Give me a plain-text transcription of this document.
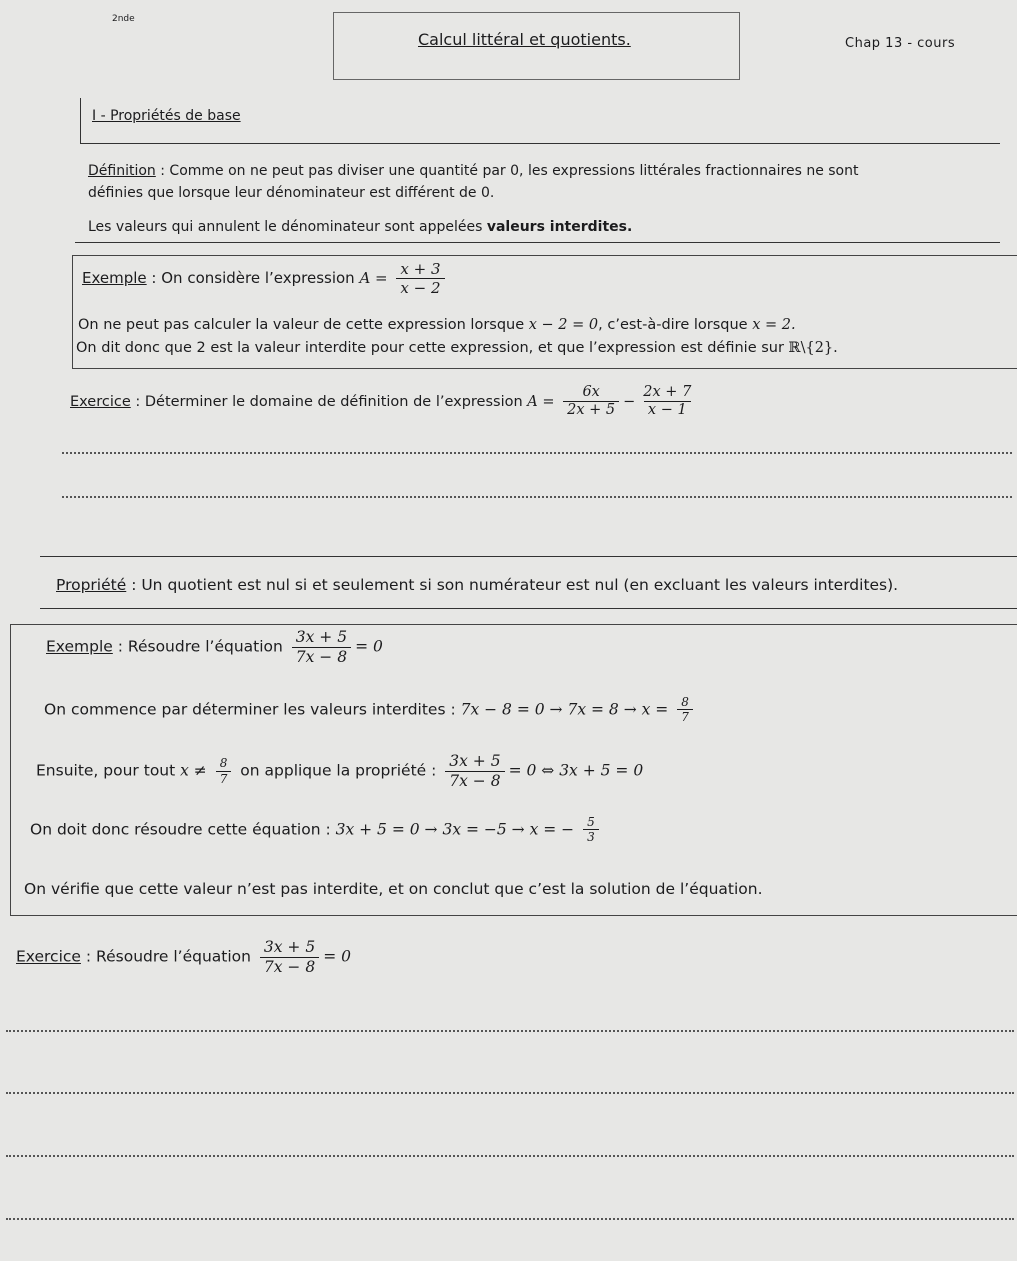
2nde
Calcul littéral et quotients.	Chap 13 - cours
I - Propriétés de base
Définition : Comme on ne peut pas diviser une quantité par 0, les expressions littérales fractionnaires ne sont
définies que lorsque leur dénominateur est différent de 0.
Les valeurs qui annulent le dénominateur sont appelées valeurs interdites.
Exemple : On considère l’expression $A = \frac{x + 3}{x - 2}$
On ne peut pas calculer la valeur de cette expression lorsque x − 2 = 0, c’est-à-dire lorsque x = 2.
On dit donc que 2 est la valeur interdite pour cette expression, et que l’expression est définie sur ℝ\{2}.
Exercice : Déterminer le domaine de définition de l’expression $A = \frac{6x}{2x + 5} - \frac{2x + 7}{x - 1}$
Propriété : Un quotient est nul si et seulement si son numérateur est nul (en excluant les valeurs interdites).
Exemple : Résoudre l’équation $\frac{3x + 5}{7x - 8} = 0$
On commence par déterminer les valeurs interdites : $7x - 8 = 0 \to 7x = 8 \to x = \frac{8}{7}$
Ensuite, pour tout $x \ne \frac{8}{7}$ on applique la propriété : $\frac{3x + 5}{7x - 8} = 0$ ⇔ 3x + 5 = 0
On doit donc résoudre cette équation : 3x + 5 = 0 → 3x = −5 → x = − $\frac{5}{3}$
On vérifie que cette valeur n’est pas interdite, et on conclut que c’est la solution de l’équation.
Exercice : Résoudre l’équation $\frac{3x + 5}{7x - 8} = 0$
